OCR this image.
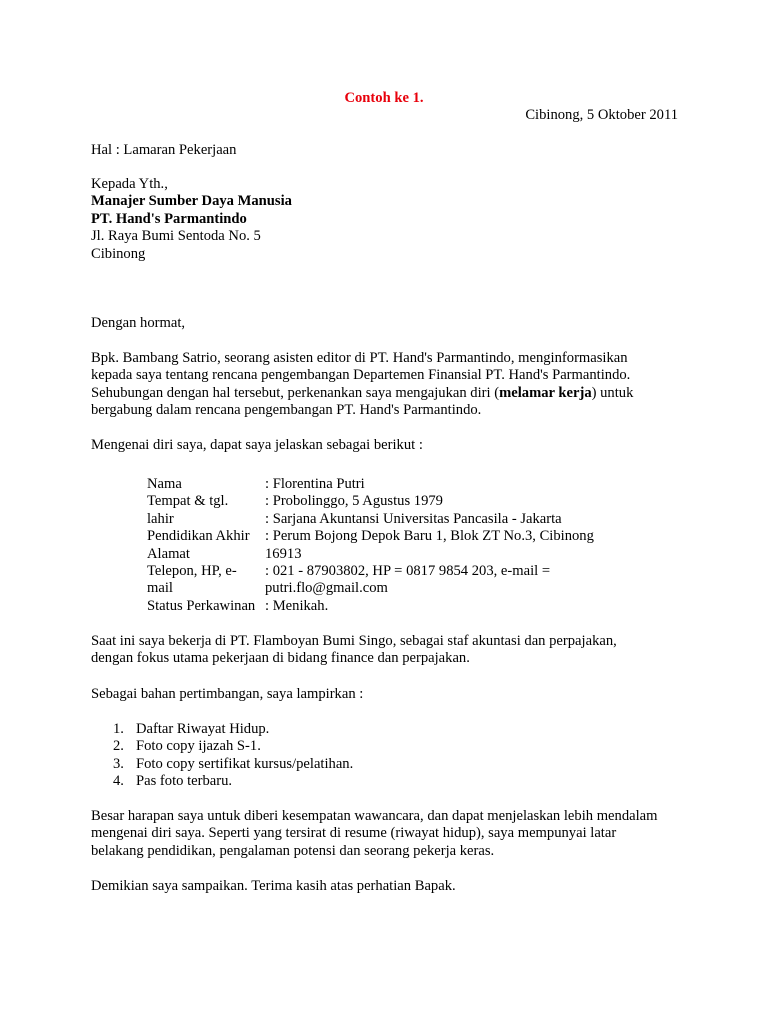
Contoh ke 1.
Cibinong, 5 Oktober 2011
Hal : Lamaran Pekerjaan
Kepada Yth.,
Manajer Sumber Daya Manusia
PT. Hand's Parmantindo
Jl. Raya Bumi Sentoda No. 5
Cibinong
Dengan hormat,
Bpk. Bambang Satrio, seorang asisten editor di PT. Hand's Parmantindo, menginformasikan
kepada saya tentang rencana pengembangan Departemen Finansial PT. Hand's Parmantindo.
Sehubungan dengan hal tersebut, perkenankan saya mengajukan diri (melamar kerja) untuk
bergabung dalam rencana pengembangan PT. Hand's Parmantindo.
Mengenai diri saya, dapat saya jelaskan sebagai berikut :
Nama	: Florentina Putri
Tempat & tgl.	: Probolinggo, 5 Agustus 1979
lahir	: Sarjana Akuntansi Universitas Pancasila - Jakarta
Pendidikan Akhir	: Perum Bojong Depok Baru 1, Blok ZT No.3, Cibinong
Alamat	16913
Telepon, HP, e-	: 021 - 87903802, HP = 0817 9854 203, e-mail =
mail	putri.flo@gmail.com
Status Perkawinan : Menikah.
Saat ini saya bekerja di PT. Flamboyan Bumi Singo, sebagai staf akuntasi dan perpajakan,
dengan fokus utama pekerjaan di bidang finance dan perpajakan.
Sebagai bahan pertimbangan, saya lampirkan :
1. Daftar Riwayat Hidup.
2. Foto copy ijazah S-1.
3. Foto copy sertifikat kursus/pelatihan.
4. Pas foto terbaru.
Besar harapan saya untuk diberi kesempatan wawancara, dan dapat menjelaskan lebih mendalam
mengenai diri saya. Seperti yang tersirat di resume (riwayat hidup), saya mempunyai latar
belakang pendidikan, pengalaman potensi dan seorang pekerja keras.
Demikian saya sampaikan. Terima kasih atas perhatian Bapak.
